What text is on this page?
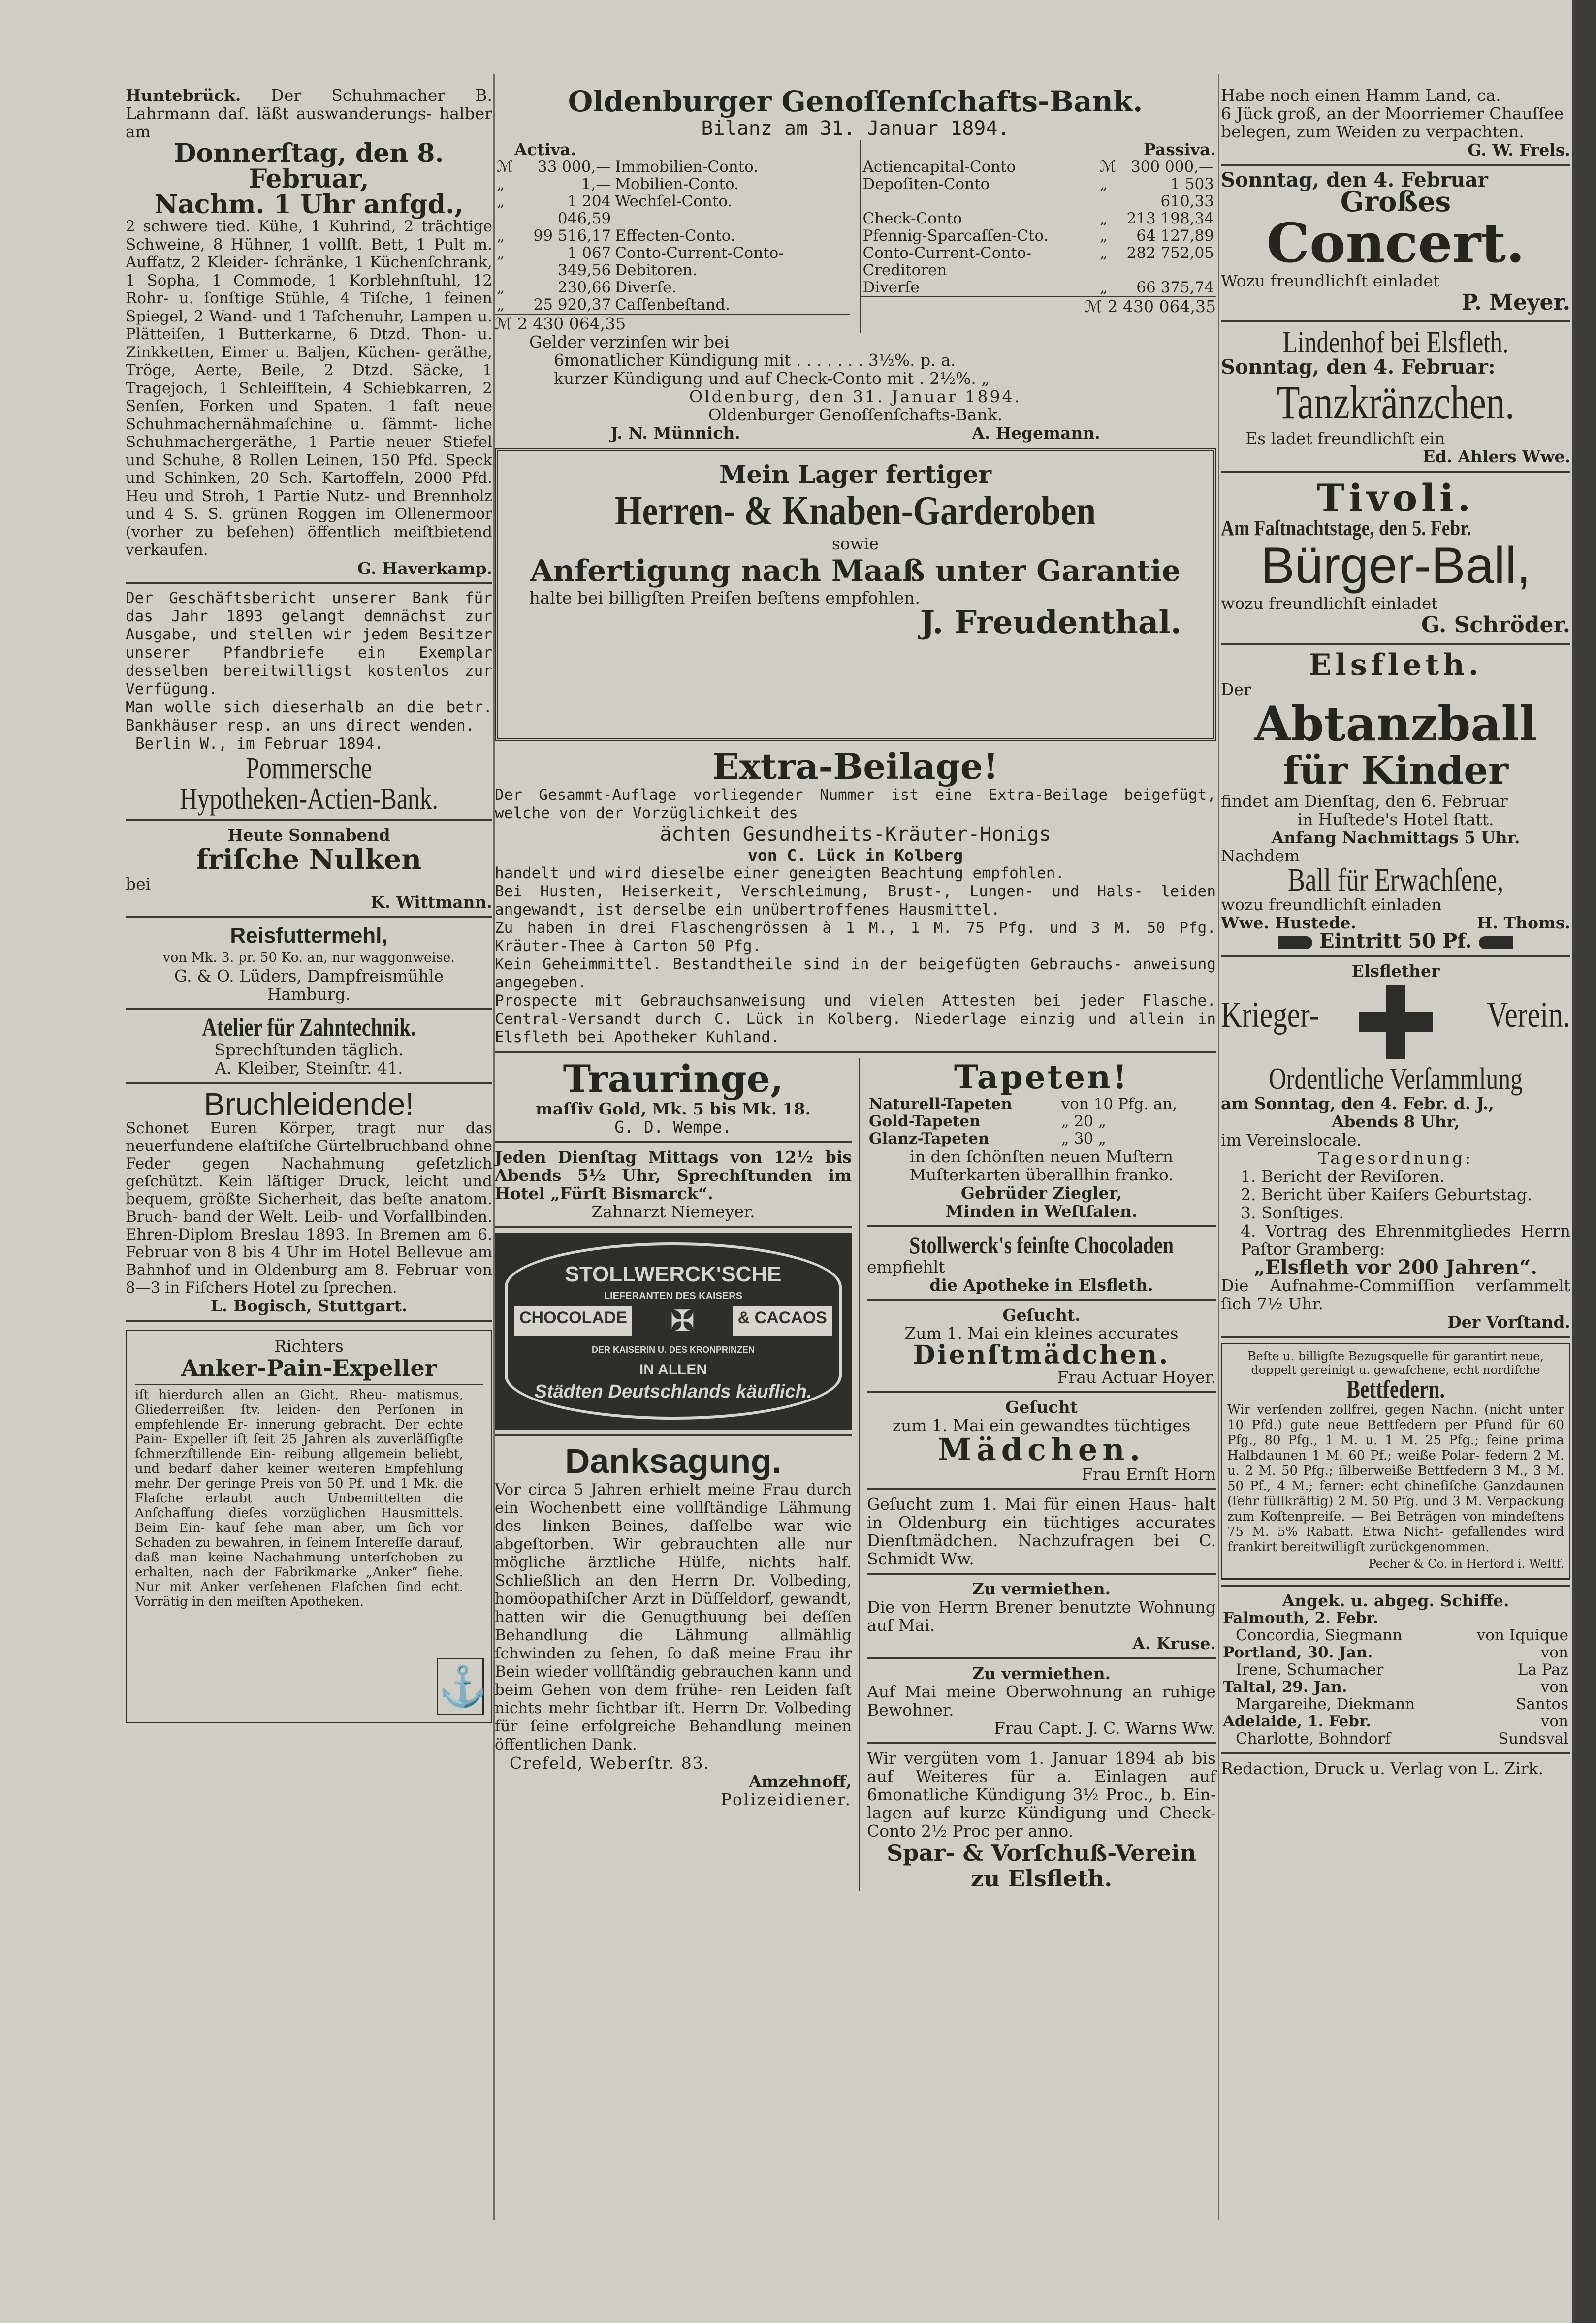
Huntebrück. Der Schuhmacher B. Lahrmann daſ. läßt auswanderungs- halber am

Donnerſtag, den 8. Februar,

Nachm. 1 Uhr anfgd.,

2 schwere tied. Kühe, 1 Kuhrind, 2 trächtige Schweine, 8 Hühner, 1 vollſt. Bett, 1 Pult m. Auffatz, 2 Kleider- ſchränke, 1 Küchenſchrank, 1 Sopha, 1 Commode, 1 Korblehnſtuhl, 12 Rohr- u. ſonſtige Stühle, 4 Tiſche, 1 feinen Spiegel, 2 Wand- und 1 Taſchenuhr, Lampen u. Plätteiſen, 1 Butterkarne, 6 Dtzd. Thon- u. Zinkketten, Eimer u. Baljen, Küchen- geräthe, Tröge, Aerte, Beile, 2 Dtzd. Säcke, 1 Tragejoch, 1 Schleifſtein, 4 Schiebkarren, 2 Senſen, Forken und Spaten. 1 faſt neue Schuhmachernähmaſchine u. ſämmt- liche Schuhmachergeräthe, 1 Partie neuer Stiefel und Schuhe, 8 Rollen Leinen, 150 Pfd. Speck und Schinken, 20 Sch. Kartoffeln, 2000 Pfd. Heu und Stroh, 1 Partie Nutz- und Brennholz und 4 S. S. grünen Roggen im Ollenermoor (vorher zu beſehen) öffentlich meiſtbietend verkaufen.

G. Haverkamp.

Der Geschäftsbericht unserer Bank für das Jahr 1893 gelangt demnächst zur Ausgabe, und stellen wir jedem Besitzer unserer Pfandbriefe ein Exemplar desselben bereitwilligst kostenlos zur Verfügung.

Man wolle sich dieserhalb an die betr. Bankhäuser resp. an uns direct wenden.

Berlin W., im Februar 1894.

Pommersche

Hypotheken-Actien-Bank.

Heute Sonnabend

friſche Nulken

bei

K. Wittmann.

Reisfuttermehl,

von Mk. 3. pr. 50 Ko. an, nur waggonweise.

G. & O. Lüders, Dampfreismühle

Hamburg.

Atelier für Zahntechnik.

Sprechſtunden täglich.

A. Kleiber, Steinſtr. 41.

Bruchleidende!

Schonet Euren Körper, tragt nur das neuerfundene elaſtiſche Gürtelbruchband ohne Feder gegen Nachahmung geſetzlich geſchützt. Kein läſtiger Druck, leicht und bequem, größte Sicherheit, das beſte anatom. Bruch- band der Welt. Leib- und Vorfallbinden. Ehren-Diplom Breslau 1893. In Bremen am 6. Februar von 8 bis 4 Uhr im Hotel Bellevue am Bahnhof und in Oldenburg am 8. Februar von 8—3 in Fiſchers Hotel zu ſprechen.

L. Bogisch, Stuttgart.

Richters

Anker-Pain-Expeller

iſt hierdurch allen an Gicht, Rheu- matismus, Gliederreißen ſtv. leiden- den Perſonen in empfehlende Er- innerung gebracht. Der echte Pain- Expeller iſt ſeit 25 Jahren als zuverläſſigſte ſchmerzſtillende Ein- reibung allgemein beliebt, und bedarf daher keiner weiteren Empfehlung mehr. Der geringe Preis von 50 Pf. und 1 Mk. die Flaſche erlaubt auch Unbemittelten die Anſchaffung dieſes vorzüglichen Hausmittels. Beim Ein- kauf ſehe man aber, um ſich vor Schaden zu bewahren, in ſeinem Intereſſe darauf, daß man keine Nachahmung unterſchoben zu erhalten, nach der Fabrikmarke „Anker“ ſiehe. Nur mit Anker verſehenen Flaſchen ſind echt. Vorrätig in den meiſten Apotheken.

⚓

Oldenburger Genoſſenſchafts-Bank.

Bilanz am 31. Januar 1894.

Activa.

ℳ	33 000,—	Immobilien-Conto.
„	1,—	Mobilien-Conto.
„	1 204 046,59	Wechſel-Conto.
„	99 516,17	Effecten-Conto.
„	1 067 349,56	Conto-Current-Conto- Debitoren.
„	230,66	Diverſe.
„	25 920,37	Caſſenbeſtand.

ℳ 2 430 064,35

Passiva.

Actiencapital-Conto	ℳ	300 000,—
Depoſiten-Conto	„	1 503 610,33
Check-Conto	„	213 198,34
Pfennig-Sparcaſſen-Cto.	„	64 127,89
Conto-Current-Conto- Creditoren	„	282 752,05
Diverſe	„	66 375,74

ℳ 2 430 064,35

Gelder verzinſen wir bei

6monatlicher Kündigung mit . . . . . . . 3½%. p. a.

kurzer Kündigung und auf Check-Conto mit . 2½%. „

Oldenburg, den 31. Januar 1894.

Oldenburger Genoſſenſchafts-Bank.

J. N. Münnich.	A. Hegemann.

Mein Lager fertiger

Herren- & Knaben-Garderoben

sowie

Anfertigung nach Maaß unter Garantie

halte bei billigſten Preiſen beſtens empfohlen.

J. Freudenthal.

Extra-Beilage!

Der Gesammt-Auflage vorliegender Nummer ist eine Extra-Beilage beigefügt, welche von der Vorzüglichkeit des

ächten Gesundheits-Kräuter-Honigs

von C. Lück in Kolberg

handelt und wird dieselbe einer geneigten Beachtung empfohlen.

Bei Husten, Heiserkeit, Verschleimung, Brust-, Lungen- und Hals- leiden angewandt, ist derselbe ein unübertroffenes Hausmittel.

Zu haben in drei Flaschengrössen à 1 M., 1 M. 75 Pfg. und 3 M. 50 Pfg. Kräuter-Thee à Carton 50 Pfg.

Kein Geheimmittel. Bestandtheile sind in der beigefügten Gebrauchs- anweisung angegeben.

Prospecte mit Gebrauchsanweisung und vielen Attesten bei jeder Flasche. Central-Versandt durch C. Lück in Kolberg. Niederlage einzig und allein in Elsfleth bei Apotheker Kuhland.

Trauringe,

maſſiv Gold, Mk. 5 bis Mk. 18.

G. D. Wempe.

Jeden Dienſtag Mittags von 12½ bis Abends 5½ Uhr, Sprechſtunden im Hotel „Fürſt Bismarck“.

Zahnarzt Niemeyer.

STOLLWERCK'SCHE

LIEFERANTEN DES KAISERS

CHOCOLADE ✠	& CACAOS

DER KAISERIN U. DES KRONPRINZEN

IN ALLEN

Städten Deutschlands käuflich.

Danksagung.

Vor circa 5 Jahren erhielt meine Frau durch ein Wochenbett eine vollſtändige Lähmung des linken Beines, daſſelbe war wie abgeſtorben. Wir gebrauchten alle nur mögliche ärztliche Hülfe, nichts half. Schließlich an den Herrn Dr. Volbeding, homöopathiſcher Arzt in Düſſeldorf, gewandt, hatten wir die Genugthuung bei deſſen Behandlung die Lähmung allmählig ſchwinden zu ſehen, ſo daß meine Frau ihr Bein wieder vollſtändig gebrauchen kann und beim Gehen von dem frühe- ren Leiden faſt nichts mehr ſichtbar iſt. Herrn Dr. Volbeding für ſeine erfolgreiche Behandlung meinen öffentlichen Dank.

Crefeld, Weberſtr. 83.

Amzehnoff,

Polizeidiener.

Tapeten!

Naturell-Tapeten	von 10 Pfg. an,
Gold-Tapeten	„ 20 „
Glanz-Tapeten	„ 30 „

in den ſchönſten neuen Muſtern

Muſterkarten überallhin franko.

Gebrüder Ziegler,

Minden in Weſtfalen.

Stollwerck's feinſte Chocoladen

empfiehlt

die Apotheke in Elsfleth.

Geſucht.

Zum 1. Mai ein kleines accurates

Dienſtmädchen.

Frau Actuar Hoyer.

Geſucht

zum 1. Mai ein gewandtes tüchtiges

Mädchen.

Frau Ernſt Horn

Geſucht zum 1. Mai für einen Haus- halt in Oldenburg ein tüchtiges accurates Dienſtmädchen. Nachzufragen bei C. Schmidt Ww.

Zu vermiethen.

Die von Herrn Brener benutzte Wohnung auf Mai.

A. Kruse.

Zu vermiethen.

Auf Mai meine Oberwohnung an ruhige Bewohner.

Frau Capt. J. C. Warns Ww.

Wir vergüten vom 1. Januar 1894 ab bis auf Weiteres für a. Einlagen auf 6monatliche Kündigung 3½ Proc., b. Ein- lagen auf kurze Kündigung und Check- Conto 2½ Proc per anno.

Spar- & Vorſchuß-Verein

zu Elsfleth.

Habe noch einen Hamm Land, ca.

6 Jück groß, an der Moorriemer Chauſſee

belegen, zum Weiden zu verpachten.

G. W. Frels.

Sonntag, den 4. Februar

Großes

Concert.

Wozu freundlichſt einladet

P. Meyer.

Lindenhof bei Elsfleth.

Sonntag, den 4. Februar:

Tanzkränzchen.

Es ladet freundlichſt ein

Ed. Ahlers Wwe.

Tivoli.

Am Faſtnachtstage, den 5. Febr.

Bürger-Ball,

wozu freundlichſt einladet

G. Schröder.

Elsfleth.

Der

Abtanzball

für Kinder

findet am Dienſtag, den 6. Februar

in Huſtede's Hotel ſtatt.

Anfang Nachmittags 5 Uhr.

Nachdem

Ball für Erwachſene,

wozu freundlichſt einladen

Wwe. Hustede.	H. Thoms.

Eintritt 50 Pf.

Elsflether

Krieger-	Verein.

Ordentliche Verſammlung

am Sonntag, den 4. Febr. d. J.,

Abends 8 Uhr,

im Vereinslocale.

Tagesordnung:

1. Bericht der Reviſoren.

2. Bericht über Kaiſers Geburtstag.

3. Sonſtiges.

4. Vortrag des Ehrenmitgliedes Herrn Paſtor Gramberg:

„Elsfleth vor 200 Jahren“.

Die Aufnahme-Commiſſion verſammelt ſich 7½ Uhr.

Der Vorſtand.

Beſte u. billigſte Bezugsquelle für garantirt neue, doppelt gereinigt u. gewaſchene, echt nordiſche

Bettfedern.

Wir verſenden zollfrei, gegen Nachn. (nicht unter 10 Pfd.) gute neue Bettfedern per Pfund für 60 Pfg., 80 Pfg., 1 M. u. 1 M. 25 Pfg.; feine prima Halbdaunen 1 M. 60 Pf.; weiße Polar- federn 2 M. u. 2 M. 50 Pfg.; ſilberweiße Bettfedern 3 M., 3 M. 50 Pf., 4 M.; ferner: echt chineſiſche Ganzdaunen (ſehr füllkräftig) 2 M. 50 Pfg. und 3 M. Verpackung zum Koſtenpreiſe. — Bei Beträgen von mindeſtens 75 M. 5% Rabatt. Etwa Nicht- gefallendes wird frankirt bereitwilligſt zurückgenommen.

Pecher & Co. in Herford i. Weſtf.

Angek. u. abgeg. Schiffe.

Falmouth, 2. Febr.	
Concordia, Siegmann	von Iquique
Portland, 30. Jan.	von
Irene, Schumacher	La Paz
Taltal, 29. Jan.	von
Margareihe, Diekmann	Santos
Adelaide, 1. Febr.	von
Charlotte, Bohndorf	Sundsval

Redaction, Druck u. Verlag von L. Zirk.
